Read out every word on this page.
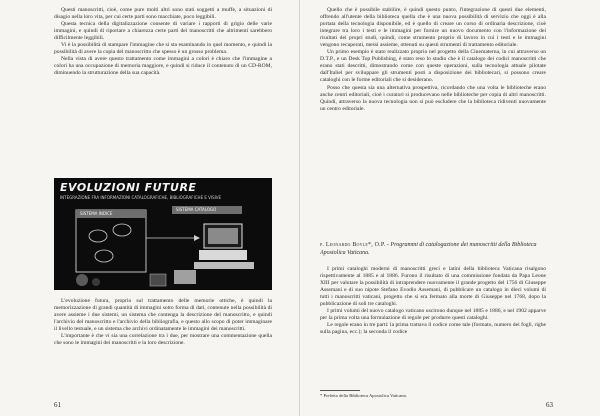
Questi manoscritti, cioè, come pure molti altri sono stati soggetti a muffe, a situazioni di disagio nella loro vita, per cui certe parti sono macchiate, poco leggibili.

Questa tecnica della digitalizzazione consente di variare i rapporti di grigio delle varie immagini, e quindi di riportare a chiarezza certe parti dei manoscritti che altrimenti sarebbero difficilmente leggibili.

Vi è la possibilità di stampare l'immagine che si sta esaminando in quel momento, e quindi la possibilità di avere la copia del manoscritto che spesso è un grosso problema.

Nella vista di avere questo trattamento come immagini a colori è chiaro che l'immagine a colori ha una occupazione di memoria maggiore, e quindi si riduce il contenuto di un CD-ROM, diminuendo la strutturazione della sua capacità.

EVOLUZIONI FUTURE
INTEGRAZIONE FRA INFORMAZIONI CATALOGRAFICHE, BIBLIOGRAFICHE E VISIVE
SISTEMA INDICE
SISTEMA CATALOGO

L'evoluzione futura, proprio sul trattamento delle memorie ottiche, è quindi la memorizzazione di grandi quantità di immagini sotto forma di dati, contenute nella possibilità di avere assieme i due sistemi, un sistema che contenga la descrizione del manoscritto, e quindi l'archivio del manoscritto e l'archivio della bibliografia, e questo allo scopo di poter immaginare il livello testuale, e un sistema che archivi ordinatamente le immagini dei manoscritti.

L'importante è che vi sia una correlazione tra i due, per mostrare una commentazione quella che sono le immagini dei manoscritti e la loro descrizione.

61

Quello che è possibile stabilire, è quindi questo punto, l'integrazione di questi due elementi, offrendo all'utente della biblioteca quella che è una nuova possibilità di servizio che oggi è alla portata della tecnologia disponibile, ed è quello di creare un corso di ordinaria descrizione, cioè integrare tra loro i testi e le immagini per fornire un nuovo documento con l'informazione dei risultati dei propri studi, quindi, come strumento proprio di lavoro in cui i testi e le immagini vengono recuperati, messi assieme, ottenuti su questi strumenti di trattamento editoriale.

Un primo esempio è stato realizzato proprio nel progetto della Cinematerna, in cui attraverso un D.T.P., e un Desk Top Publishing, è stato reso lo studio che è il catalogo dei codici manoscritti che erano stati descritti, dimostrando come con queste operazioni, sulla tecnologia attuale pilotate dall'Italiel per sviluppare gli strumenti posti a disposizione dei bibliotecari, si possono creare cataloghi con le forme editoriali che si desiderano.

Posso che questa sia una alternativa prospettiva, ricordando che una volta le biblioteche erano anche centri editoriali, cioè i curatori si producevano nelle biblioteche per copia di altri manoscritti. Quindi, attraverso la nuova tecnologia non si può escludere che la biblioteca ridiventi nuovamente un centro editoriale.

p. Leonardo Boyle*, O.P. - Programmi di catalogazione dei manoscritti della Biblioteca Apostolica Vaticana.

I primi cataloghi moderni di manoscritti greci e latini della biblioteca Vaticana risalgono rispettivamente al 1885 e al 1886. Furono il risultato di una commissione fondata da Papa Leone XIII per valutare la possibilità di intraprendere nuovamente il grande progetto del 1756 di Giuseppe Assemani e di suo nipote Stefano Evodio Assemani, di pubblicare un catalogo in dieci volumi di tutti i manoscritti vaticani, progetto che si era fermato alla morte di Giuseppe nel 1768, dopo la pubblicazione di soli tre cataloghi.

I primi volumi del nuovo catalogo vaticano uscirono dunque nel 1885 e 1886, e nel 1902 apparve per la prima volta una formulazione di regole per produrre questi cataloghi.

Le regole erano in tre parti: la prima trattava il codice come tale (formato, numero dei fogli, righe sulla pagina, ecc.); la seconda il codice

* Prefetto della Biblioteca Apostolica Vaticana.
63
